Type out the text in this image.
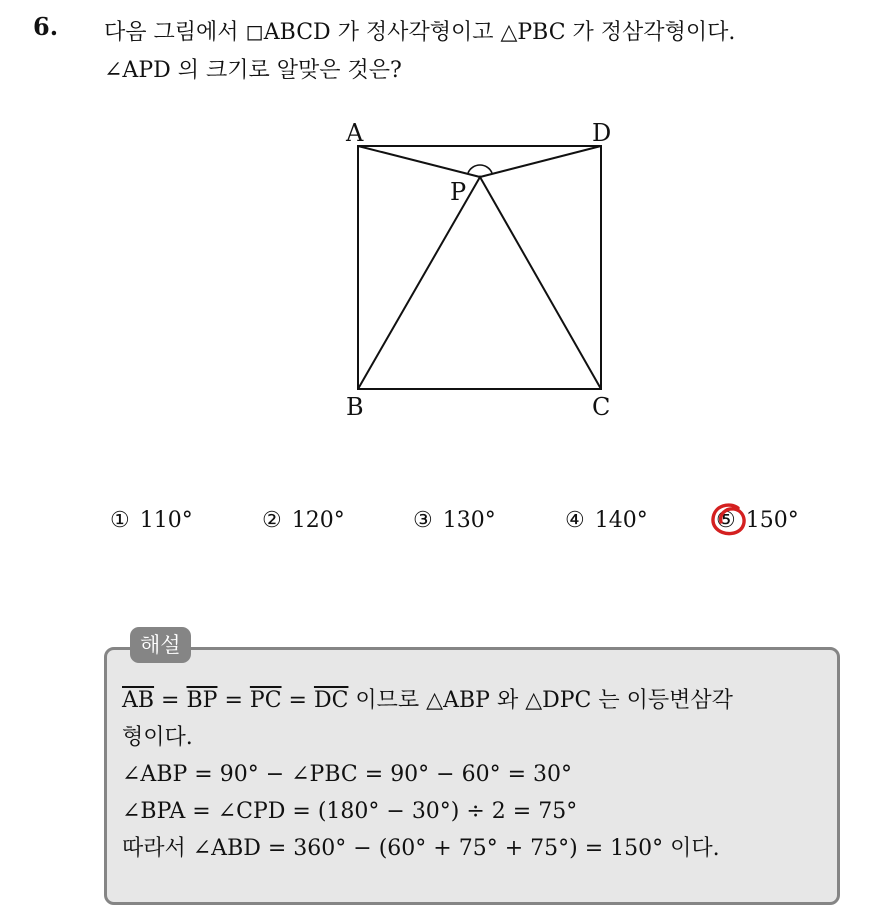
6. 다음 그림에서 ◻ABCD 가 정사각형이고 △PBC 가 정삼각형이다.
∠APD 의 크기로 알맞은 것은?
A	D
P
B	C
① 110°	② 120°	③ 130°	④ 140°	⑤ 150°
해설
$\overline{AB} = \overline{BP} = \overline{PC} = \overline{DC}$ 이므로 △ABP 와 △DPC 는 이등변삼각
형이다.
∠ABP = 90° − ∠PBC = 90° − 60° = 30°
∠BPA = ∠CPD = (180° − 30°) ÷ 2 = 75°
따라서 ∠ABD = 360° − (60° + 75° + 75°) = 150° 이다.
